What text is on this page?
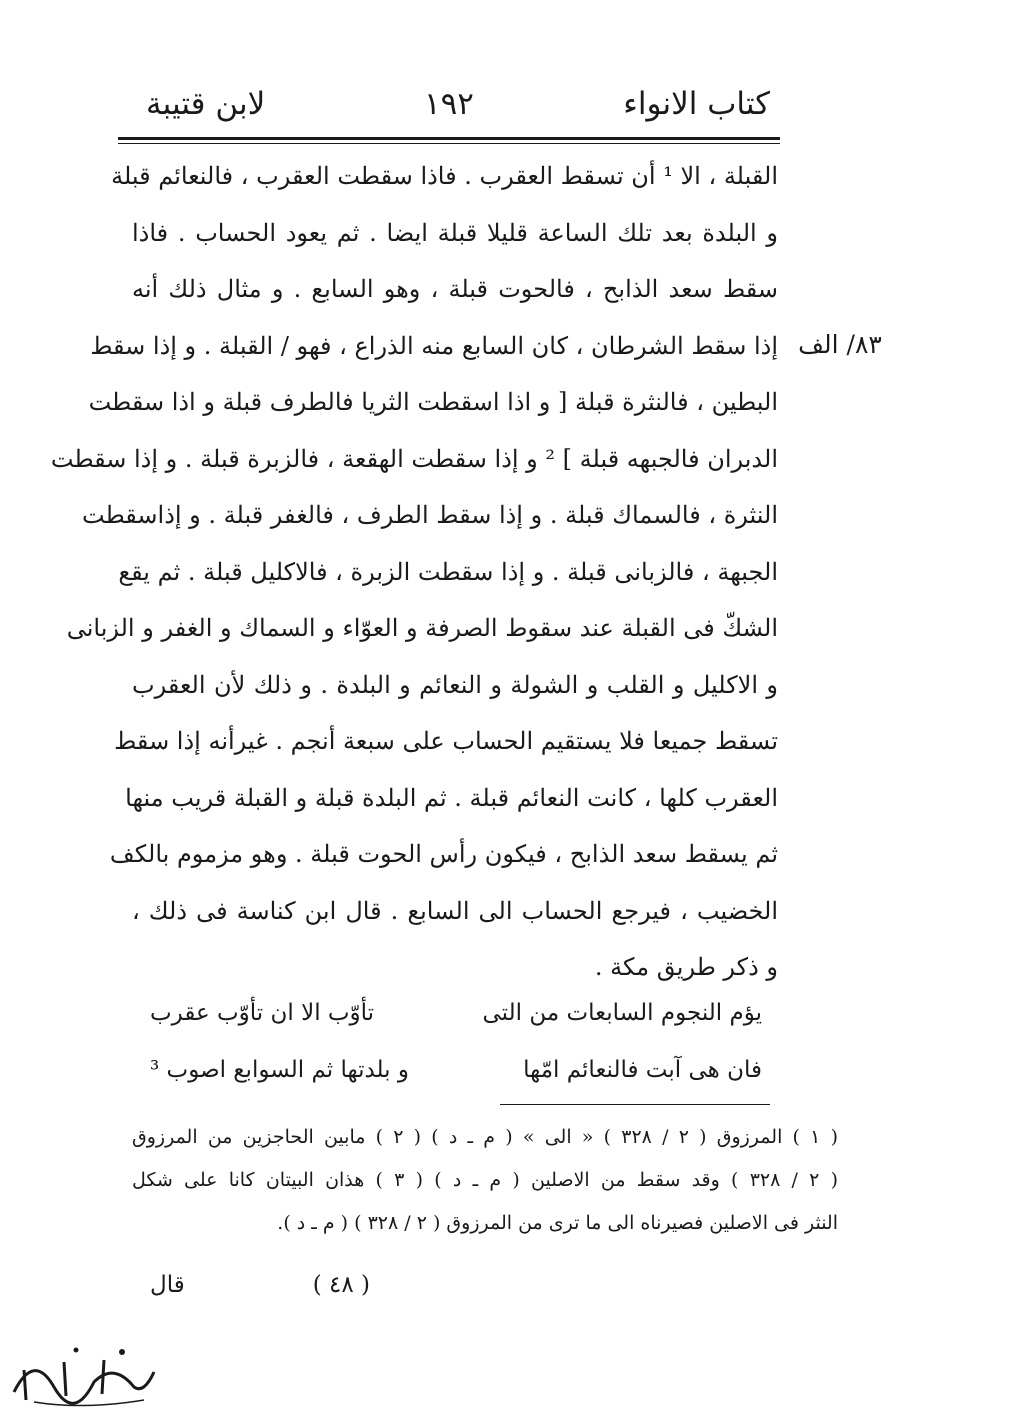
كتاب الانواء
١٩٢
لابن قتيبة
٨٣/ الف
القبلة ، الا ¹ أن تسقط العقرب . فاذا سقطت العقرب ، فالنعائم قبلة
و البلدة بعد تلك الساعة قليلا قبلة ايضا . ثم يعود الحساب . فاذا
سقط سعد الذابح ، فالحوت قبلة ، وهو السابع . و مثال ذلك أنه
إذا سقط الشرطان ، كان السابع منه الذراع ، فهو / القبلة . و إذا سقط
البطين ، فالنثرة قبلة [ و اذا اسقطت الثريا فالطرف قبلة و اذا سقطت
الدبران فالجبهه قبلة ] ² و إذا سقطت الهقعة ، فالزبرة قبلة . و إذا سقطت
النثرة ، فالسماك قبلة . و إذا سقط الطرف ، فالغفر قبلة . و إذاسقطت
الجبهة ، فالزبانى قبلة . و إذا سقطت الزبرة ، فالاكليل قبلة . ثم يقع
الشكّ فى القبلة عند سقوط الصرفة و العوّاء و السماك و الغفر و الزبانى
و الاكليل و القلب و الشولة و النعائم و البلدة . و ذلك لأن العقرب
تسقط جميعا فلا يستقيم الحساب على سبعة أنجم . غيرأنه إذا سقط
العقرب كلها ، كانت النعائم قبلة . ثم البلدة قبلة و القبلة قريب منها
ثم يسقط سعد الذابح ، فيكون رأس الحوت قبلة . وهو مزموم بالكف
الخضيب ، فيرجع الحساب الى السابع . قال ابن كناسة فى ذلك ،
و ذكر طريق مكة .
يؤم النجوم السابعات من التى
تأوّب الا ان تأوّب عقرب
فان هى آبت فالنعائم امّها
و بلدتها ثم السوابع اصوب ³
( ١ ) المرزوق ( ٢ / ٣٢٨ ) « الى » ( م ـ د ) ( ٢ ) مابين الحاجزين من المرزوق
( ٢ / ٣٢٨ ) وقد سقط من الاصلين ( م ـ د ) ( ٣ ) هذان البيتان كانا على شكل
النثر فى الاصلين فصيرناه الى ما ترى من المرزوق ( ٢ / ٣٢٨ ) ( م ـ د ).
( ٤٨ )
قال
